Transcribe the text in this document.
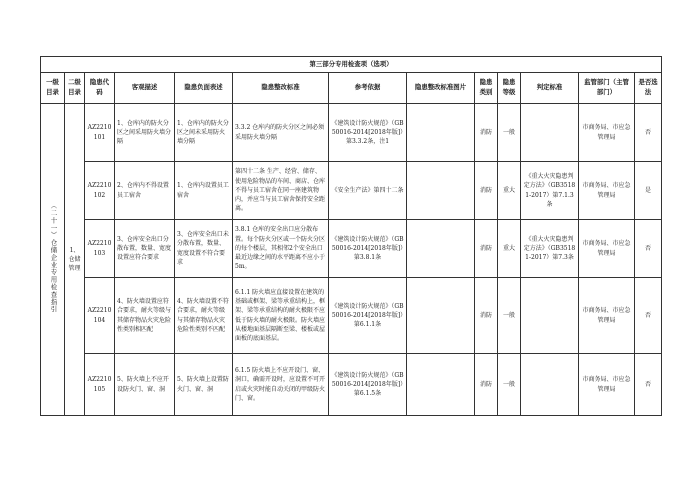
第三部分专用检查项（选项）												
一级目录	二级目录	隐患代码	客观描述	隐患负面表述	隐患整改标准	参考依据	隐患整改标准图片	隐患类别	隐患等级	判定标准	监管部门（主管部门）	是否选法
（二十一）仓储企业专用检查指引	1、仓储管理	AZ2210101	1、仓库内的防火分区之间采用防火墙分隔	1、仓库内的防火分区之间未采用防火墙分隔	3.3.2 仓库内的防火分区之间必须采用防火墙分隔	《建筑设计防火规范》（GB 50016-2014[2018年版]）第3.3.2条，注1		消防	一般		市商务局、市应急管理局	否
		AZ2210102	2、仓库内不得设置员工宿舍	1、仓库内设置员工宿舍	第四十二条 生产、经营、储存、使用危险物品的车间、商店、仓库不得与员工宿舍在同一座建筑物内，并应当与员工宿舍保持安全距离。	《安全生产法》第四十二条		消防	重大	《重大火灾隐患判定方法》（GB35181-2017）第7.1.3条	市商务局、市应急管理局	是
		AZ2210103	3、仓库安全出口分散布置，数量、宽度设置应符合要求	3、仓库安全出口未分散布置，数量、宽度设置不符合要求	3.8.1 仓库的安全出口应分散布置。每个防火分区或一个防火分区的每个楼层，其相邻2个安全出口最近边缘之间的水平距离不应小于5m。	《建筑设计防火规范》（GB 50016-2014[2018年版]）第3.8.1条		消防	重大	《重大火灾隐患判定方法》（GB35181-2017）第7.3条	市商务局、市应急管理局	否
		AZ2210104	4、防火墙设置应符合要求，耐火等级与其储存物品火灾危险性类别相匹配	4、防火墙设置不符合要求，耐火等级与其储存物品火灾危险性类别不匹配	6.1.1 防火墙应直接设置在建筑的基础或框架、梁等承重结构上，框架、梁等承重结构的耐火极限不应低于防火墙的耐火极限。防火墙应从楼地面基层隔断至梁、楼板或屋面板的底面基层。	《建筑设计防火规范》（GB 50016-2014[2018年版]）第6.1.1条		消防	一般		市商务局、市应急管理局	否
		AZ2210105	5、防火墙上不应开设防火门、窗、洞	5、防火墙上设置防火门、窗、洞	6.1.5 防火墙上不应开设门、窗、洞口，确需开设时，应设置不可开启或火灾时能自动关闭的甲级防火门、窗。	《建筑设计防火规范》（GB 50016-2014[2018年版]）第6.1.5条		消防	一般		市商务局、市应急管理局	否
